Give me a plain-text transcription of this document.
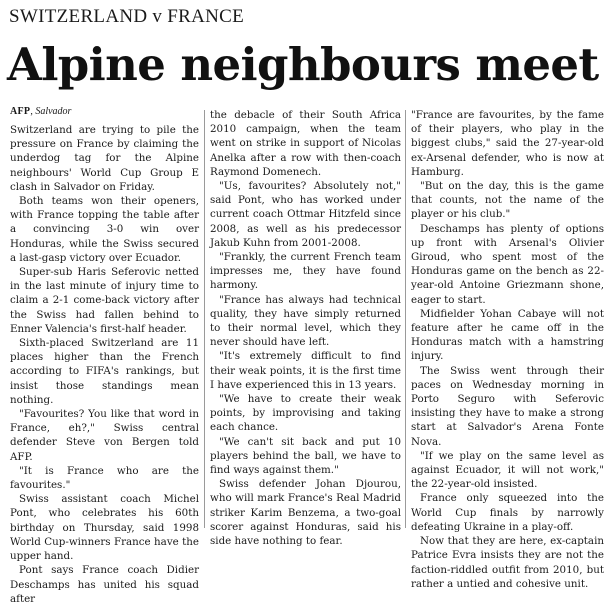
SWITZERLAND v FRANCE
Alpine neighbours meet
AFP, Salvador

Switzerland are trying to pile the pressure on France by claiming the underdog tag for the Alpine neighbours' World Cup Group E clash in Salvador on Friday.

Both teams won their openers, with France topping the table after a convincing 3-0 win over Honduras, while the Swiss secured a last-gasp victory over Ecuador.

Super-sub Haris Seferovic netted in the last minute of injury time to claim a 2-1 come-back victory after the Swiss had fallen behind to Enner Valencia's first-half header.

Sixth-placed Switzerland are 11 places higher than the French according to FIFA's rankings, but insist those standings mean nothing.

"Favourites? You like that word in France, eh?," Swiss central defender Steve von Bergen told AFP.

"It is France who are the favourites."

Swiss assistant coach Michel Pont, who celebrates his 60th birthday on Thursday, said 1998 World Cup-winners France have the upper hand.

Pont says France coach Didier Deschamps has united his squad after

the debacle of their South Africa 2010 campaign, when the team went on strike in support of Nicolas Anelka after a row with then-coach Raymond Domenech.

"Us, favourites? Absolutely not," said Pont, who has worked under current coach Ottmar Hitzfeld since 2008, as well as his predecessor Jakub Kuhn from 2001-2008.

"Frankly, the current French team impresses me, they have found harmony.

"France has always had technical quality, they have simply returned to their normal level, which they never should have left.

"It's extremely difficult to find their weak points, it is the first time I have experienced this in 13 years.

"We have to create their weak points, by improvising and taking each chance.

"We can't sit back and put 10 players behind the ball, we have to find ways against them."

Swiss defender Johan Djourou, who will mark France's Real Madrid striker Karim Benzema, a two-goal scorer against Honduras, said his side have nothing to fear.

"France are favourites, by the fame of their players, who play in the biggest clubs," said the 27-year-old ex-Arsenal defender, who is now at Hamburg.

"But on the day, this is the game that counts, not the name of the player or his club."

Deschamps has plenty of options up front with Arsenal's Olivier Giroud, who spent most of the Honduras game on the bench as 22-year-old Antoine Griezmann shone, eager to start.

Midfielder Yohan Cabaye will not feature after he came off in the Honduras match with a hamstring injury.

The Swiss went through their paces on Wednesday morning in Porto Seguro with Seferovic insisting they have to make a strong start at Salvador's Arena Fonte Nova.

"If we play on the same level as against Ecuador, it will not work," the 22-year-old insisted.

France only squeezed into the World Cup finals by narrowly defeating Ukraine in a play-off.

Now that they are here, ex-captain Patrice Evra insists they are not the faction-riddled outfit from 2010, but rather a untied and cohesive unit.
